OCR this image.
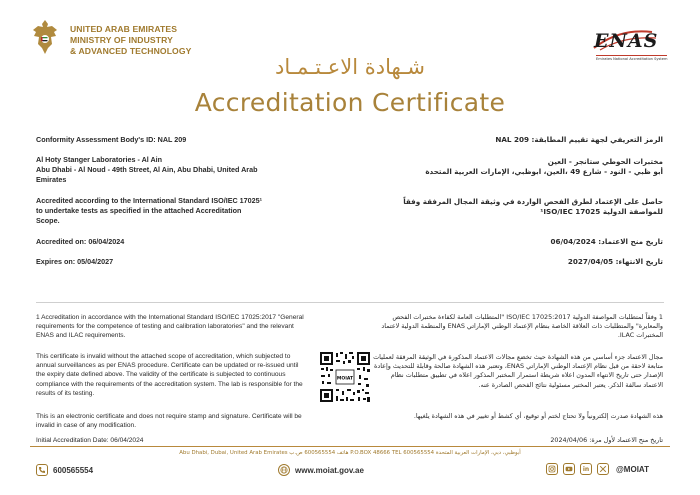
UNITED ARAB EMIRATES
MINISTRY OF INDUSTRY
& ADVANCED TECHNOLOGY	ENAS
Emirates National Accreditation System
شـهادة الاعـتـمـاد
Accreditation Certificate
Conformity Assessment Body's ID: NAL 209	الرمز التعريفي لجهة تقييم المطابقة: NAL 209
Al Hoty Stanger Laboratories - Al Ain
Abu Dhabi - Al Noud - 49th Street, Al Ain, Abu Dhabi, United Arab Emirates
مختبرات الحوطي ستانجر - العين
أبو ظبي - النود - شارع 49 ،العين، ابوظبي، الإمارات العربية المتحدة
Accredited according to the International Standard ISO/IEC 17025¹ to undertake tests as specified in the attached Accreditation Scope.
حاصل على الإعتماد لطرق الفحص الواردة في وثيقة المجال المرفقة وفقاً
للمواصفة الدولية ¹ISO/IEC 17025
Accredited on: 06/04/2024	تاريخ منح الاعتماد: 06/04/2024
Expires on: 05/04/2027	تاريخ الانتهاء: 2027/04/05
1 Accreditation in accordance with the International Standard ISO/IEC 17025:2017 "General requirements for the competence of testing and calibration laboratories" and the relevant ENAS and ILAC requirements.
1 وفقاً لمتطلبات المواصفة الدولية ISO/IEC 17025:2017 "المتطلبات العامة لكفاءة مختبرات الفحص والمعايرة" والمتطلبات ذات العلاقة الخاصة بنظام الإعتماد الوطني الإماراتي ENAS والمنظمة الدولية لاعتماد المختبرات ILAC.
This certificate is invalid without the attached scope of accreditation, which subjected to annual surveillances as per ENAS procedure. Certificate can be updated or re-issued until the expiry date defined above. The validity of the certificate is subjected to continuous compliance with the requirements of the accreditation system. The lab is responsible for the results of its testing.
مجال الاعتماد جزء أساسي من هذه الشهادة حيث تخضع مجالات الاعتماد المذكورة في الوثيقة المرفقة لعمليات متابعة لاحقة من قبل نظام الإعتماد الوطني الإماراتي ENAS، وتعتبر هذه الشهادة صالحة وقابلة للتحديث وإعادة الإصدار حتى تاريخ الانتهاء المدون اعلاه شريطة استمرار المختبر المذكور اعلاه في تطبيق متطلبات نظام الاعتماد سالفة الذكر. يعتبر المختبر مسئولية نتائج الفحص الصادرة عنه.
This is an electronic certificate and does not require stamp and signature. Certificate will be invalid in case of any modification.
هذه الشهادة صدرت إلكترونياً ولا تحتاج لختم أو توقيع، أي كشط أو تغيير في هذه الشهادة يلغيها.
Initial Accreditation Date: 06/04/2024	تاريخ منح الاعتماد لأول مرة: 2024/04/06
MOIAT
Abu Dhabi, Dubai, United Arab Emirates هاتف 600565554 ص.ب P.O.BOX 48666 TEL 600565554 أبوظبي، دبي، الإمارات العربية المتحدة
600565554	www.moiat.gov.ae	in	@MOIAT
